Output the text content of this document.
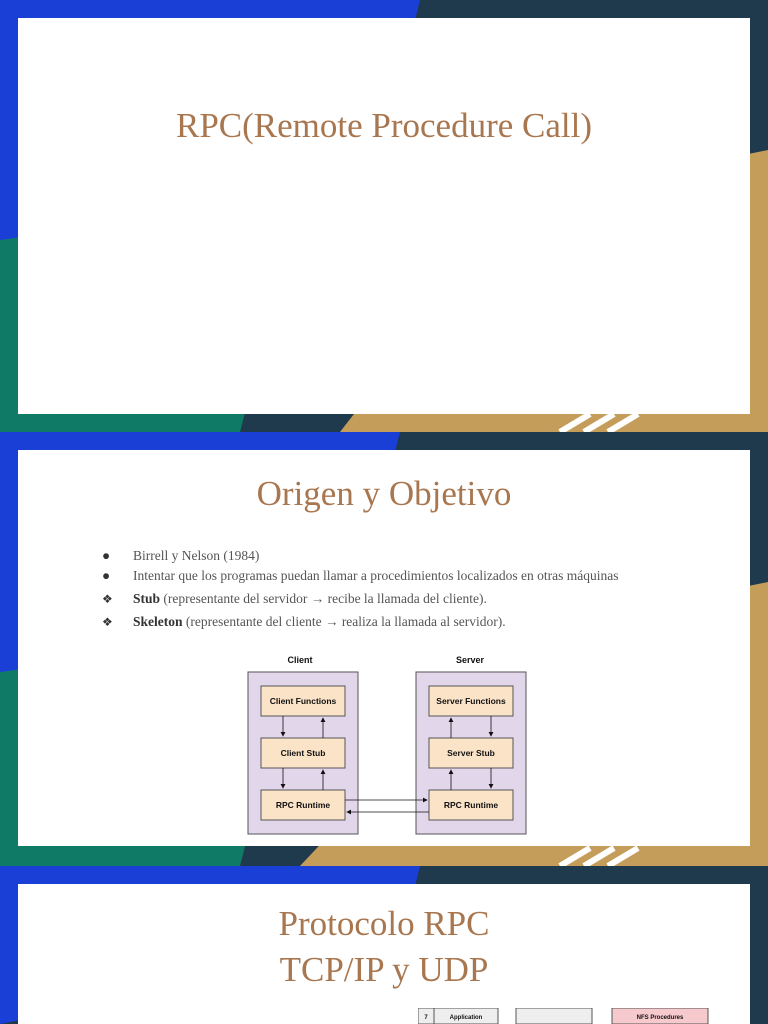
RPC(Remote Procedure Call)
Origen y Objetivo
● Birrell y Nelson (1984)
● Intentar que los programas puedan llamar a procedimientos localizados en otras máquinas
❖ Stub (representante del servidor → recibe la llamada del cliente).
❖ Skeleton (representante del cliente → realiza la llamada al servidor).
Client	Server
Client Functions
Client Stub
RPC Runtime
Server Functions
Server Stub
RPC Runtime
Protocolo RPC
TCP/IP y UDP
7	Application	NFS Procedures
